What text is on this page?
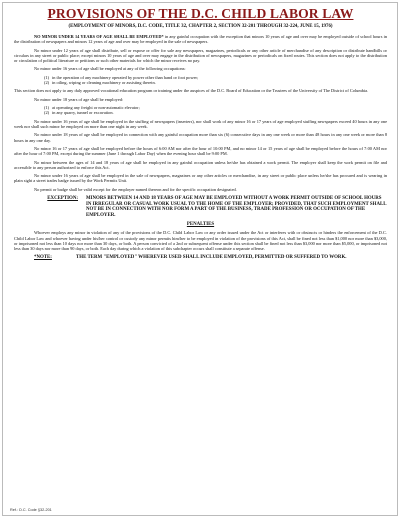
PROVISIONS OF THE D.C. CHILD LABOR LAW
(EMPLOYMENT OF MINORS, D.C. CODE, TITLE 32, CHAPTER 2, SECTION 32-201 THROUGH 32-224, JUNE 15, 1976)

NO MINOR UNDER 14 YEARS OF AGE SHALL BE EMPLOYED* in any gainful occupation with the exception that minors 10 years of age and over may be employed outside of school hours in the distribution of newspapers and minors 12 years of age and over may be employed in the sale of newspapers.

No minor under 12 years of age shall distribute, sell or expose or offer for sale any newspapers, magazines, periodicals or any other article of merchandise of any description or distribute handbills or circulars in any street or public place; except minors 10 years of age and over may engage in the distribution of newspapers, magazines or periodicals on fixed routes. This section does not apply to the distribution or circulation of political literature or petitions or such other materials for which the minor receives no pay.

No minor under 16 years of age shall be employed at any of the following occupations:

(1) in the operation of any machinery operated by power other than hand or foot power;
(2) in oiling, wiping or cleaning machinery or assisting therein.

This section does not apply to any duly approved vocational education program or training under the auspices of the D.C. Board of Education or the Trustees of the University of The District of Columbia.

No minor under 18 years of age shall be employed:

(1) at operating any freight or non-automatic elevator;
(2) in any quarry, tunnel or excavation.

No minor under 16 years of age shall be employed in the stuffing of newspapers (inserters), nor shall work of any minor 16 or 17 years of age employed stuffing newspapers exceed 40 hours in any one week nor shall such minor be employed on more than one night in any week.

No minor under 18 years of age shall be employed in connection with any gainful occupation more than six (6) consecutive days in any one week or more than 48 hours in any one week or more than 8 hours in any one day.

No minor 16 or 17 years of age shall be employed before the hours of 6:00 AM nor after the hour of 10:00 PM, and no minor 14 or 15 years of age shall be employed before the hours of 7:00 AM nor after the hour of 7:00 PM, except during the summer (June 1 through Labor Day) when the evening hour shall be 9:00 PM.

No minor between the ages of 14 and 18 years of age shall be employed in any gainful occupation unless he/she has obtained a work permit. The employer shall keep the work permit on file and accessible to any person authorized to enforce this Act.

No minor under 16 years of age shall be employed in the sale of newspapers, magazines or any other articles or merchandise, in any street or public place unless he/she has procured and is wearing in plain sight a street trades badge issued by the Work Permits Unit.

No permit or badge shall be valid except for the employer named thereon and for the specific occupation designated.

EXCEPTION:	MINORS BETWEEN 14 AND 18 YEARS OF AGE MAY BE EMPLOYED WITHOUT A WORK PERMIT OUTSIDE OF SCHOOL HOURS IN IRREGULAR OR CASUAL WORK USUAL TO THE HOME OF THE EMPLOYER; PROVIDED, THAT SUCH EMPLOYMENT SHALL NOT BE IN CONNECTION WITH NOR FORM A PART OF THE BUSINESS, TRADE PROFESSION OR OCCUPATION OF THE EMPLOYER.
PENALTIES

Whoever employs any minor in violation of any of the provisions of the D.C. Child Labor Law or any order issued under the Act or interferes with or obstructs or hinders the enforcement of the D.C. Child Labor Law and whoever having under his/her control or custody any minor permits him/her to be employed in violation of the provisions of this Act, shall be fined not less than $1,000 nor more than $3,000, or imprisoned not less than 10 days nor more than 30 days, or both. A person convicted of a 2nd or subsequent offense under this section shall be fined not less than $3,000 nor more than $5,000, or imprisoned not less than 30 days nor more than 90 days, or both. Each day during which a violation of this subchapter occurs shall constitute a separate offense.

*NOTE:	THE TERM "EMPLOYED" WHEREVER USED SHALL INCLUDE EMPLOYED, PERMITTED OR SUFFERED TO WORK.
Ref.: D.C. Code §32-201
